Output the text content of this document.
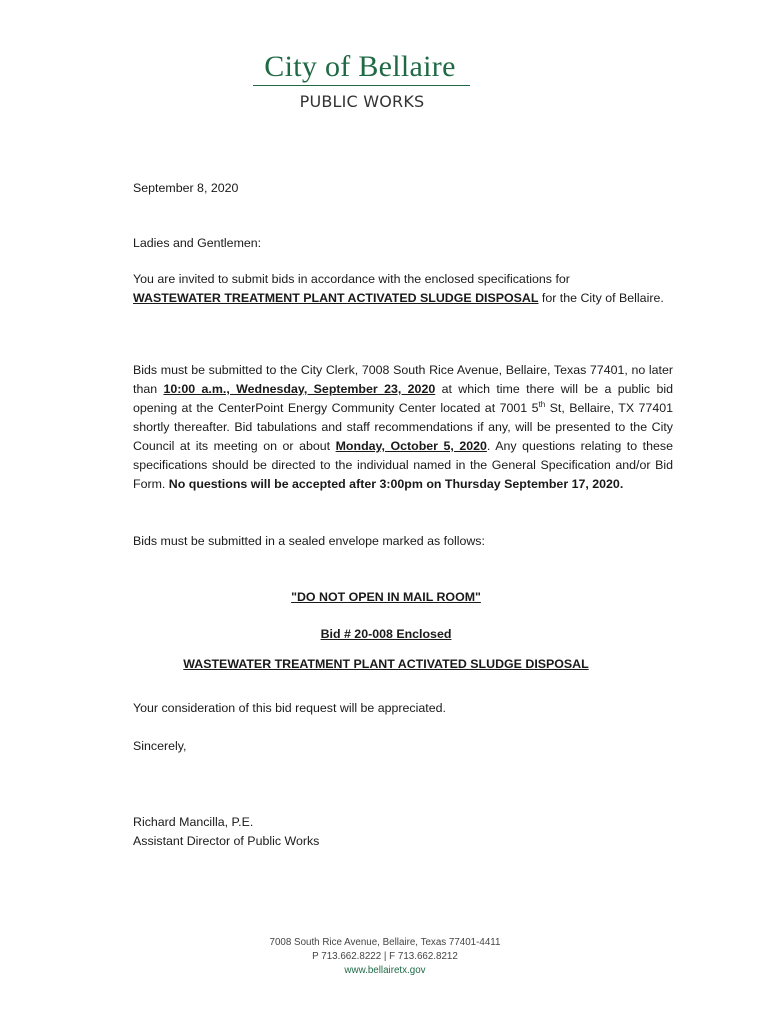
City of Bellaire
PUBLIC WORKS
September 8, 2020
Ladies and Gentlemen:
You are invited to submit bids in accordance with the enclosed specifications for
WASTEWATER TREATMENT PLANT ACTIVATED SLUDGE DISPOSAL for the City of Bellaire.
Bids must be submitted to the City Clerk, 7008 South Rice Avenue, Bellaire, Texas 77401, no later than 10:00 a.m., Wednesday, September 23, 2020 at which time there will be a public bid opening at the CenterPoint Energy Community Center located at 7001 5th St, Bellaire, TX 77401 shortly thereafter. Bid tabulations and staff recommendations if any, will be presented to the City Council at its meeting on or about Monday, October 5, 2020. Any questions relating to these specifications should be directed to the individual named in the General Specification and/or Bid Form. No questions will be accepted after 3:00pm on Thursday September 17, 2020.
Bids must be submitted in a sealed envelope marked as follows:
"DO NOT OPEN IN MAIL ROOM"
Bid # 20-008 Enclosed
WASTEWATER TREATMENT PLANT ACTIVATED SLUDGE DISPOSAL
Your consideration of this bid request will be appreciated.
Sincerely,
Richard Mancilla, P.E.
Assistant Director of Public Works
7008 South Rice Avenue, Bellaire, Texas 77401-4411
P 713.662.8222 | F 713.662.8212
www.bellairetx.gov
